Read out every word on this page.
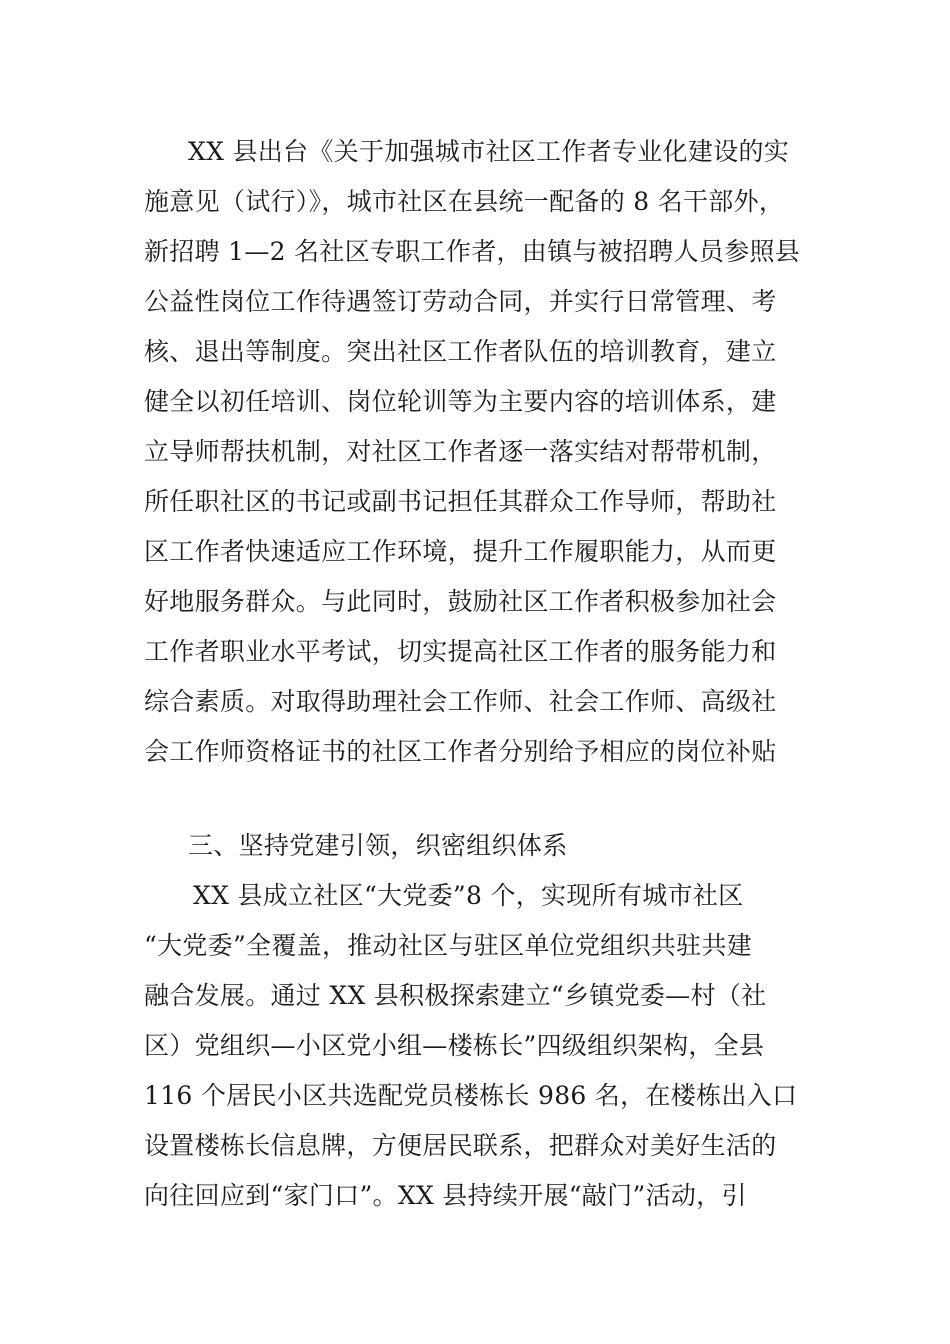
XX 县出台《关于加强城市社区工作者专业化建设的实
施意见（试行）》，城市社区在县统一配备的 8 名干部外，
新招聘 1—2 名社区专职工作者，由镇与被招聘人员参照县
公益性岗位工作待遇签订劳动合同，并实行日常管理、考
核、退出等制度。突出社区工作者队伍的培训教育，建立
健全以初任培训、岗位轮训等为主要内容的培训体系，建
立导师帮扶机制，对社区工作者逐一落实结对帮带机制，
所任职社区的书记或副书记担任其群众工作导师，帮助社
区工作者快速适应工作环境，提升工作履职能力，从而更
好地服务群众。与此同时，鼓励社区工作者积极参加社会
工作者职业水平考试，切实提高社区工作者的服务能力和
综合素质。对取得助理社会工作师、社会工作师、高级社
会工作师资格证书的社区工作者分别给予相应的岗位补贴
三、坚持党建引领，织密组织体系
XX 县成立社区“大党委”8 个，实现所有城市社区
“大党委”全覆盖，推动社区与驻区单位党组织共驻共建
融合发展。通过 XX 县积极探索建立“乡镇党委—村（社
区）党组织—小区党小组—楼栋长”四级组织架构，全县
116 个居民小区共选配党员楼栋长 986 名，在楼栋出入口
设置楼栋长信息牌，方便居民联系，把群众对美好生活的
向往回应到“家门口”。XX 县持续开展“敲门”活动，引
